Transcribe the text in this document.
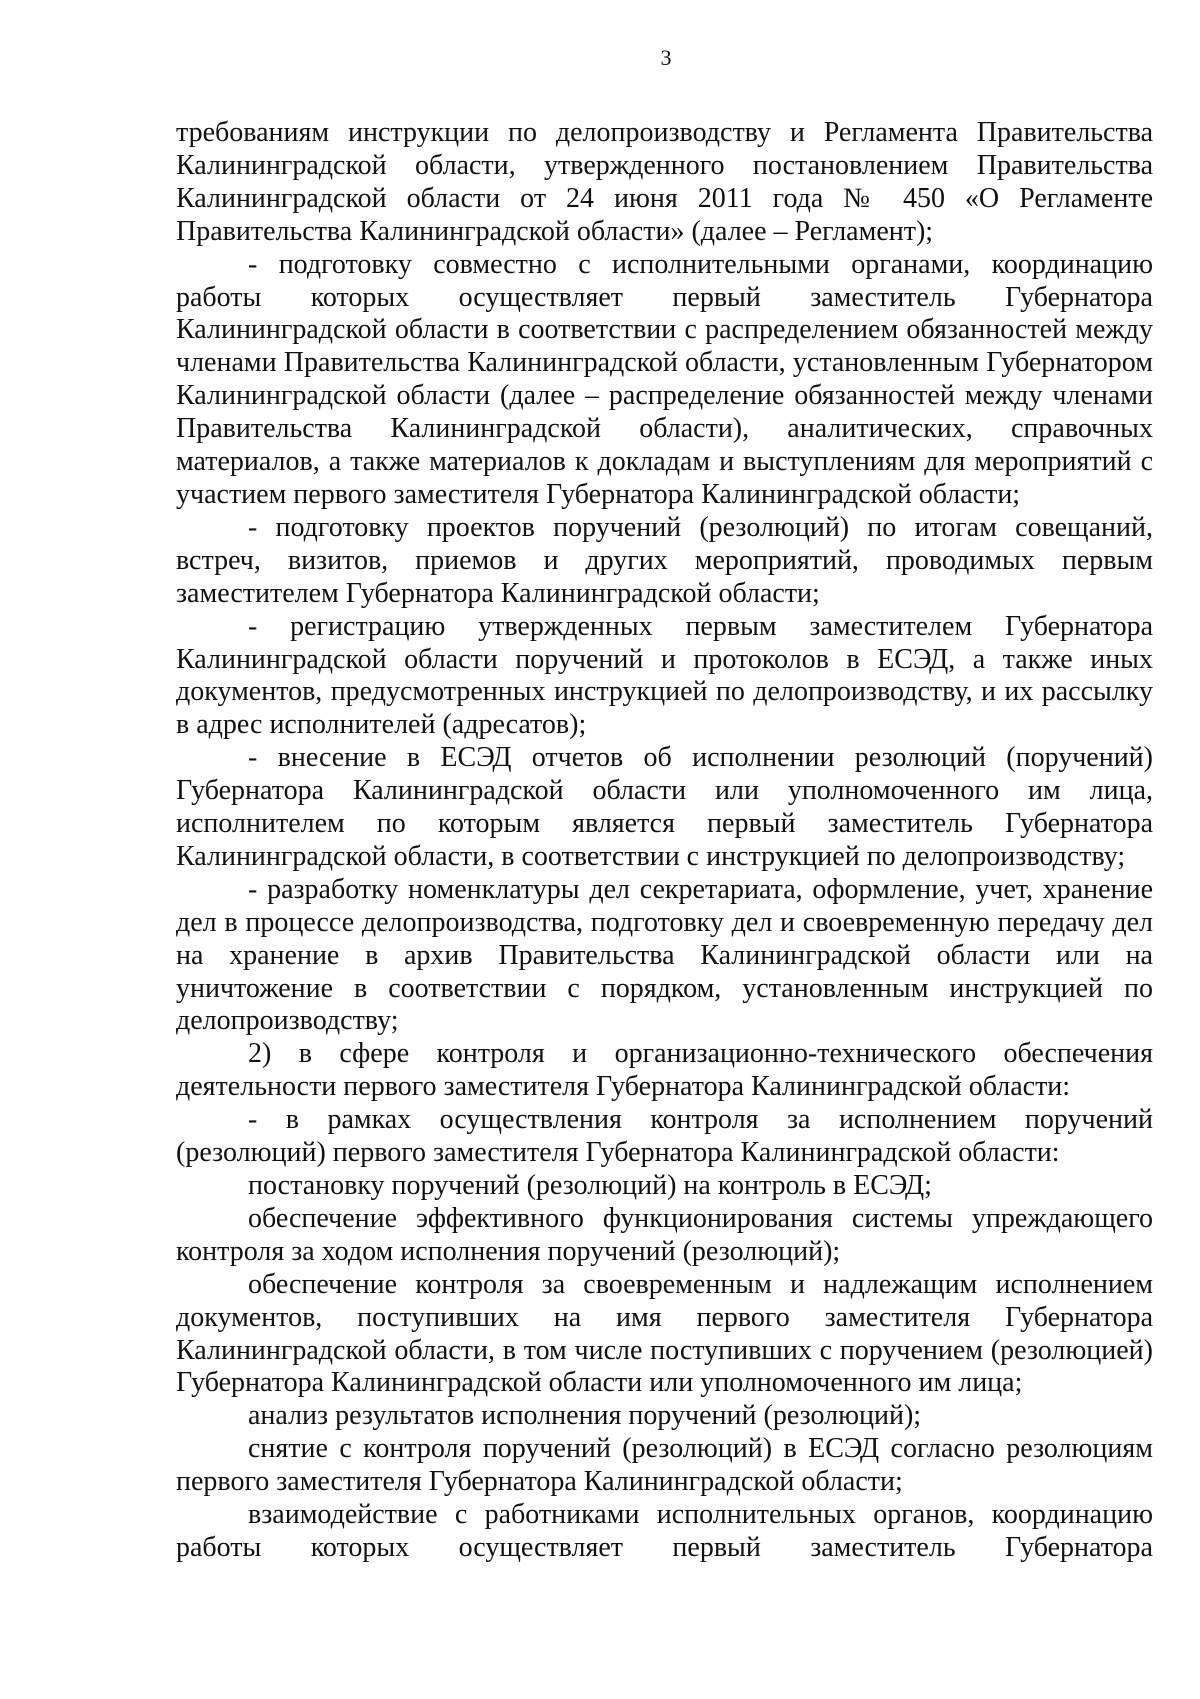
3

требованиям инструкции по делопроизводству и Регламента Правительства Калининградской области, утвержденного постановлением Правительства Калининградской области от 24 июня 2011 года № 450 «О Регламенте Правительства Калининградской области» (далее – Регламент);

- подготовку совместно с исполнительными органами, координацию работы которых осуществляет первый заместитель Губернатора Калининградской области в соответствии с распределением обязанностей между членами Правительства Калининградской области, установленным Губернатором Калининградской области (далее – распределение обязанностей между членами Правительства Калининградской области), аналитических, справочных материалов, а также материалов к докладам и выступлениям для мероприятий с участием первого заместителя Губернатора Калининградской области;

- подготовку проектов поручений (резолюций) по итогам совещаний, встреч, визитов, приемов и других мероприятий, проводимых первым заместителем Губернатора Калининградской области;

- регистрацию утвержденных первым заместителем Губернатора Калининградской области поручений и протоколов в ЕСЭД, а также иных документов, предусмотренных инструкцией по делопроизводству, и их рассылку в адрес исполнителей (адресатов);

- внесение в ЕСЭД отчетов об исполнении резолюций (поручений) Губернатора Калининградской области или уполномоченного им лица, исполнителем по которым является первый заместитель Губернатора Калининградской области, в соответствии с инструкцией по делопроизводству;

- разработку номенклатуры дел секретариата, оформление, учет, хранение дел в процессе делопроизводства, подготовку дел и своевременную передачу дел на хранение в архив Правительства Калининградской области или на уничтожение в соответствии с порядком, установленным инструкцией по делопроизводству;

2) в сфере контроля и организационно-технического обеспечения деятельности первого заместителя Губернатора Калининградской области:

- в рамках осуществления контроля за исполнением поручений (резолюций) первого заместителя Губернатора Калининградской области:

постановку поручений (резолюций) на контроль в ЕСЭД;

обеспечение эффективного функционирования системы упреждающего контроля за ходом исполнения поручений (резолюций);

обеспечение контроля за своевременным и надлежащим исполнением документов, поступивших на имя первого заместителя Губернатора Калининградской области, в том числе поступивших с поручением (резолюцией) Губернатора Калининградской области или уполномоченного им лица;

анализ результатов исполнения поручений (резолюций);

снятие с контроля поручений (резолюций) в ЕСЭД согласно резолюциям первого заместителя Губернатора Калининградской области;

взаимодействие с работниками исполнительных органов, координацию работы которых осуществляет первый заместитель Губернатора
